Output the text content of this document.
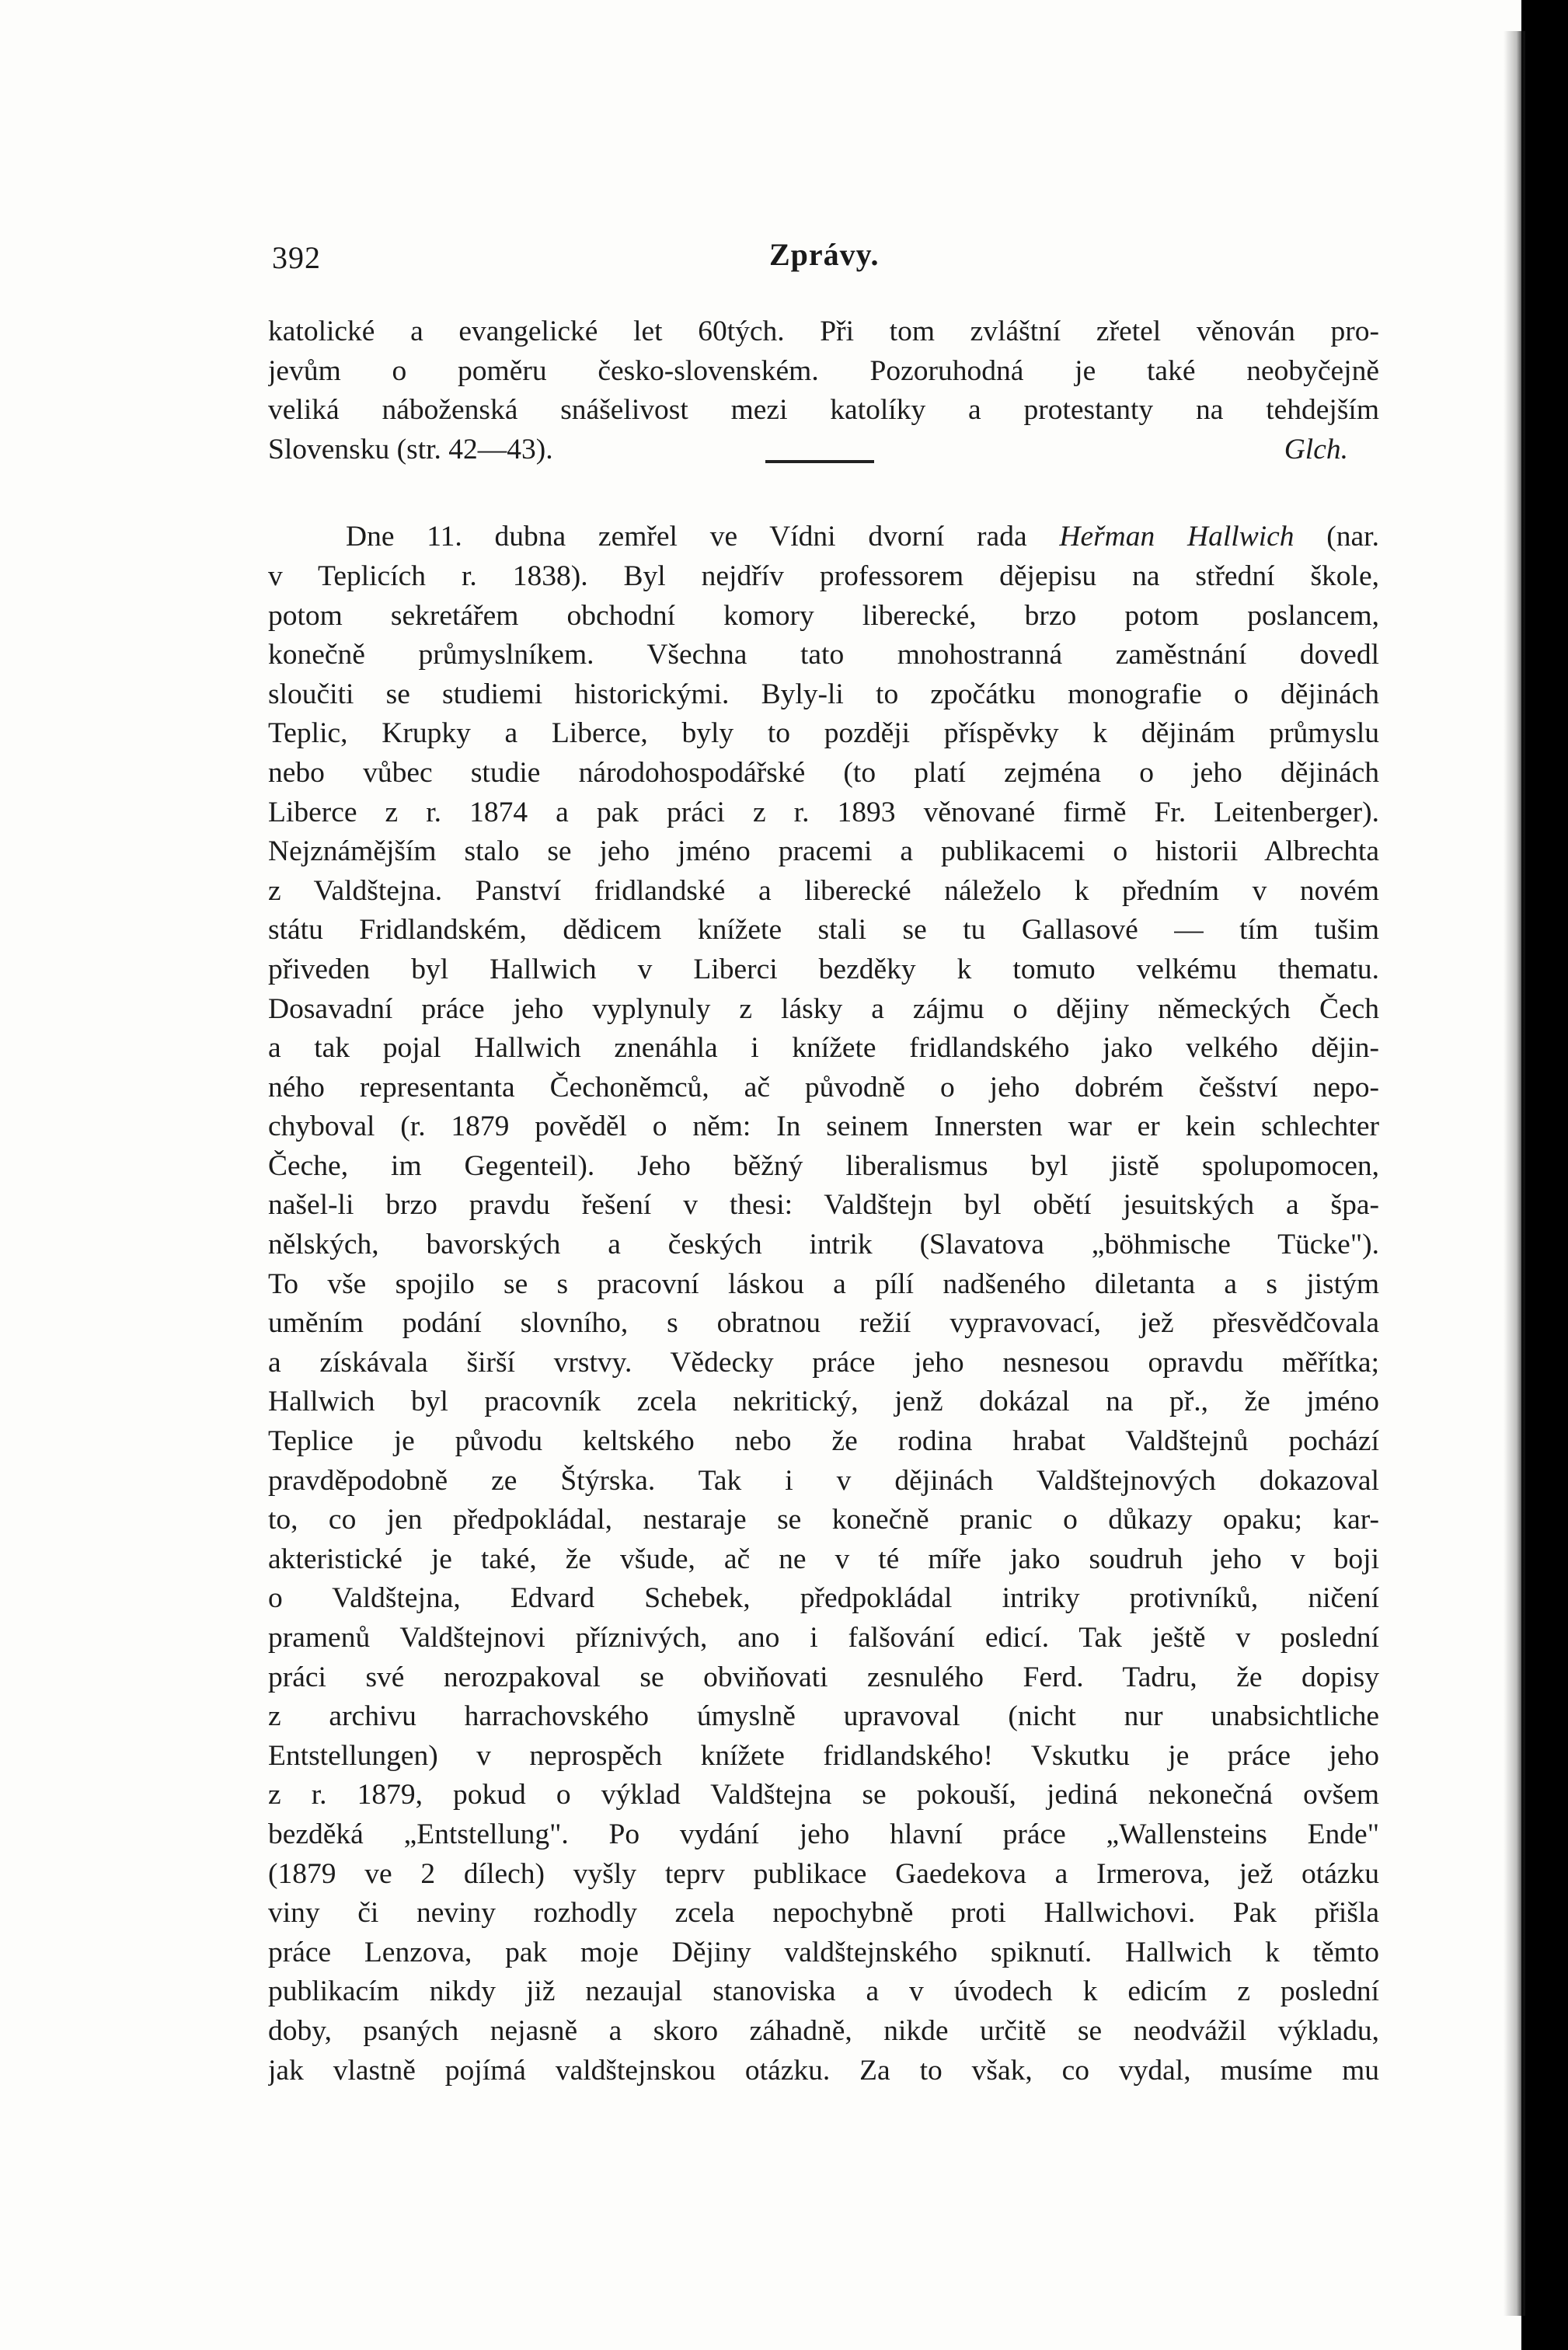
392	Zprávy.
katolické a evangelické let 60tých. Při tom zvláštní zřetel věnován pro-
jevům o poměru česko-slovenském. Pozoruhodná je také neobyčejně
veliká náboženská snášelivost mezi katolíky a protestanty na tehdejším
Slovensku (str. 42—43).	Glch.
Dne 11. dubna zemřel ve Vídni dvorní rada Heřman Hallwich (nar.
v Teplicích r. 1838). Byl nejdřív professorem dějepisu na střední škole,
potom sekretářem obchodní komory liberecké, brzo potom poslancem,
konečně průmyslníkem. Všechna tato mnohostranná zaměstnání dovedl
sloučiti se studiemi historickými. Byly-li to zpočátku monografie o dějinách
Teplic, Krupky a Liberce, byly to později příspěvky k dějinám průmyslu
nebo vůbec studie národohospodářské (to platí zejména o jeho dějinách
Liberce z r. 1874 a pak práci z r. 1893 věnované firmě Fr. Leitenberger).
Nejznámějším stalo se jeho jméno pracemi a publikacemi o historii Albrechta
z Valdštejna. Panství fridlandské a liberecké náleželo k předním v novém
státu Fridlandském, dědicem knížete stali se tu Gallasové — tím tušim
přiveden byl Hallwich v Liberci bezděky k tomuto velkému thematu.
Dosavadní práce jeho vyplynuly z lásky a zájmu o dějiny německých Čech
a tak pojal Hallwich znenáhla i knížete fridlandského jako velkého dějin-
ného representanta Čechoněmců, ač původně o jeho dobrém češství nepo-
chyboval (r. 1879 pověděl o něm: In seinem Innersten war er kein schlechter
Čeche, im Gegenteil). Jeho běžný liberalismus byl jistě spolupomocen,
našel-li brzo pravdu řešení v thesi: Valdštejn byl obětí jesuitských a špa-
nělských, bavorských a českých intrik (Slavatova „böhmische Tücke").
To vše spojilo se s pracovní láskou a pílí nadšeného diletanta a s jistým
uměním podání slovního, s obratnou režií vypravovací, jež přesvědčovala
a získávala širší vrstvy. Vědecky práce jeho nesnesou opravdu měřítka;
Hallwich byl pracovník zcela nekritický, jenž dokázal na př., že jméno
Teplice je původu keltského nebo že rodina hrabat Valdštejnů pochází
pravděpodobně ze Štýrska. Tak i v dějinách Valdštejnových dokazoval
to, co jen předpokládal, nestaraje se konečně pranic o důkazy opaku; kar-
akteristické je také, že všude, ač ne v té míře jako soudruh jeho v boji
o Valdštejna, Edvard Schebek, předpokládal intriky protivníků, ničení
pramenů Valdštejnovi příznivých, ano i falšování edicí. Tak ještě v poslední
práci své nerozpakoval se obviňovati zesnulého Ferd. Tadru, že dopisy
z archivu harrachovského úmyslně upravoval (nicht nur unabsichtliche
Entstellungen) v neprospěch knížete fridlandského! Vskutku je práce jeho
z r. 1879, pokud o výklad Valdštejna se pokouší, jediná nekonečná ovšem
bezděká „Entstellung". Po vydání jeho hlavní práce „Wallensteins Ende"
(1879 ve 2 dílech) vyšly teprv publikace Gaedekova a Irmerova, jež otázku
viny či neviny rozhodly zcela nepochybně proti Hallwichovi. Pak přišla
práce Lenzova, pak moje Dějiny valdštejnského spiknutí. Hallwich k těmto
publikacím nikdy již nezaujal stanoviska a v úvodech k edicím z poslední
doby, psaných nejasně a skoro záhadně, nikde určitě se neodvážil výkladu,
jak vlastně pojímá valdštejnskou otázku. Za to však, co vydal, musíme mu
